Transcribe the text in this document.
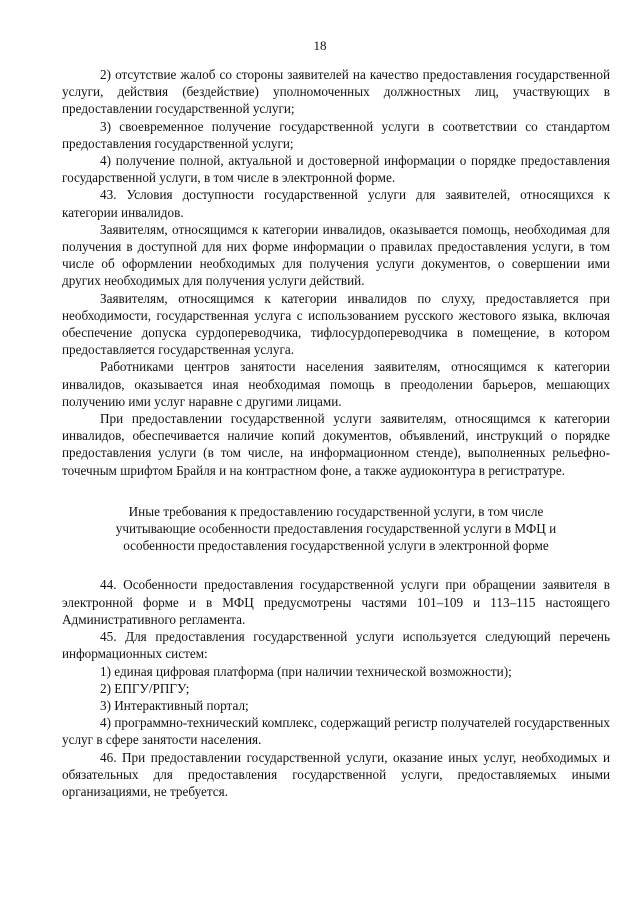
18

2) отсутствие жалоб со стороны заявителей на качество предоставления государственной услуги, действия (бездействие) уполномоченных должностных лиц, участвующих в предоставлении государственной услуги;

3) своевременное получение государственной услуги в соответствии со стандартом предоставления государственной услуги;

4) получение полной, актуальной и достоверной информации о порядке предоставления государственной услуги, в том числе в электронной форме.

43. Условия доступности государственной услуги для заявителей, относящихся к категории инвалидов.

Заявителям, относящимся к категории инвалидов, оказывается помощь, необходимая для получения в доступной для них форме информации о правилах предоставления услуги, в том числе об оформлении необходимых для получения услуги документов, о совершении ими других необходимых для получения услуги действий.

Заявителям, относящимся к категории инвалидов по слуху, предоставляется при необходимости, государственная услуга с использованием русского жестового языка, включая обеспечение допуска сурдопереводчика, тифлосурдопереводчика в помещение, в котором предоставляется государственная услуга.

Работниками центров занятости населения заявителям, относящимся к категории инвалидов, оказывается иная необходимая помощь в преодолении барьеров, мешающих получению ими услуг наравне с другими лицами.

При предоставлении государственной услуги заявителям, относящимся к категории инвалидов, обеспечивается наличие копий документов, объявлений, инструкций о порядке предоставления услуги (в том числе, на информационном стенде), выполненных рельефно-точечным шрифтом Брайля и на контрастном фоне, а также аудиоконтура в регистратуре.

Иные требования к предоставлению государственной услуги, в том числе
учитывающие особенности предоставления государственной услуги в МФЦ и
особенности предоставления государственной услуги в электронной форме

44. Особенности предоставления государственной услуги при обращении заявителя в электронной форме и в МФЦ предусмотрены частями 101–109 и 113–115 настоящего Административного регламента.

45. Для предоставления государственной услуги используется следующий перечень информационных систем:

1) единая цифровая платформа (при наличии технической возможности);

2) ЕПГУ/РПГУ;

3) Интерактивный портал;

4) программно-технический комплекс, содержащий регистр получателей государственных услуг в сфере занятости населения.

46. При предоставлении государственной услуги, оказание иных услуг, необходимых и обязательных для предоставления государственной услуги, предоставляемых иными организациями, не требуется.
